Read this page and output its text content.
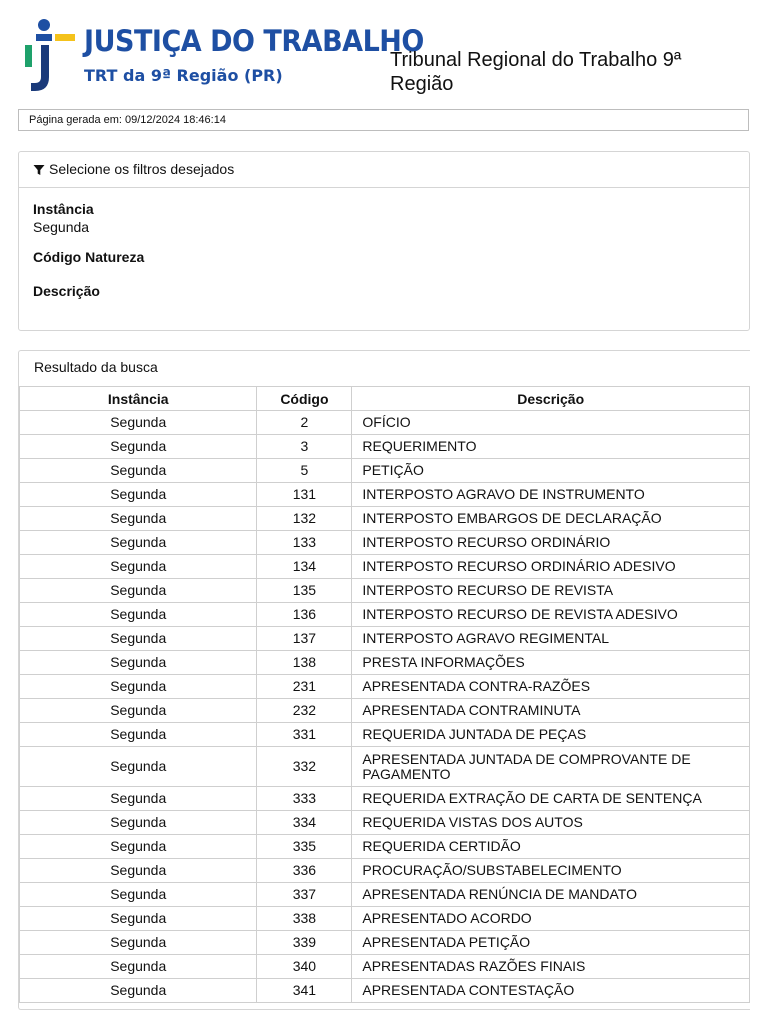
JUSTIÇA DO TRABALHO
TRT da 9ª Região (PR)
Tribunal Regional do Trabalho 9ª Região
Página gerada em: 09/12/2024 18:46:14
Selecione os filtros desejados
Instância
Segunda
Código Natureza
Descrição
Resultado da busca
Instância	Código	Descrição
Segunda	2	OFÍCIO
Segunda	3	REQUERIMENTO
Segunda	5	PETIÇÃO
Segunda	131	INTERPOSTO AGRAVO DE INSTRUMENTO
Segunda	132	INTERPOSTO EMBARGOS DE DECLARAÇÃO
Segunda	133	INTERPOSTO RECURSO ORDINÁRIO
Segunda	134	INTERPOSTO RECURSO ORDINÁRIO ADESIVO
Segunda	135	INTERPOSTO RECURSO DE REVISTA
Segunda	136	INTERPOSTO RECURSO DE REVISTA ADESIVO
Segunda	137	INTERPOSTO AGRAVO REGIMENTAL
Segunda	138	PRESTA INFORMAÇÕES
Segunda	231	APRESENTADA CONTRA-RAZÕES
Segunda	232	APRESENTADA CONTRAMINUTA
Segunda	331	REQUERIDA JUNTADA DE PEÇAS
Segunda	332	APRESENTADA JUNTADA DE COMPROVANTE DE PAGAMENTO
Segunda	333	REQUERIDA EXTRAÇÃO DE CARTA DE SENTENÇA
Segunda	334	REQUERIDA VISTAS DOS AUTOS
Segunda	335	REQUERIDA CERTIDÃO
Segunda	336	PROCURAÇÃO/SUBSTABELECIMENTO
Segunda	337	APRESENTADA RENÚNCIA DE MANDATO
Segunda	338	APRESENTADO ACORDO
Segunda	339	APRESENTADA PETIÇÃO
Segunda	340	APRESENTADAS RAZÕES FINAIS
Segunda	341	APRESENTADA CONTESTAÇÃO
